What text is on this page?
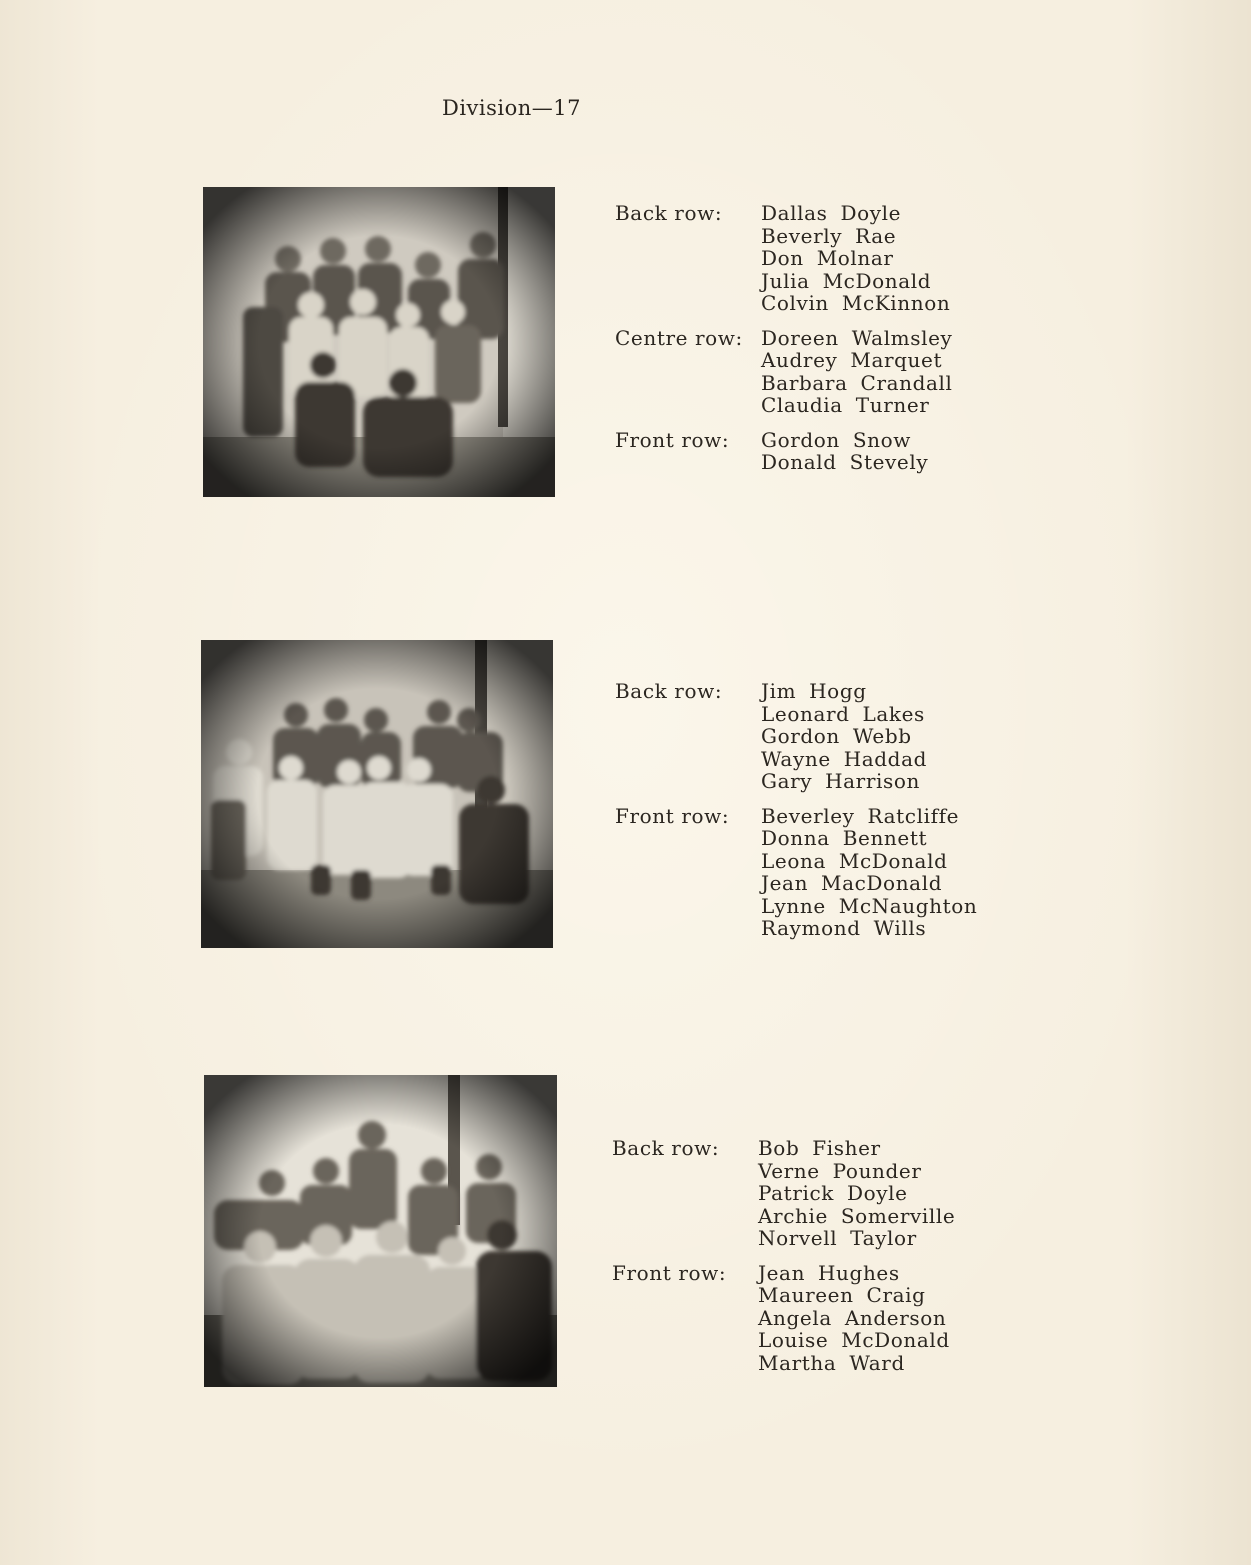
Division—17
Back row: Dallas Doyle
Beverly Rae
Don Molnar
Julia McDonald
Colvin McKinnon
Centre row: Doreen Walmsley
Audrey Marquet
Barbara Crandall
Claudia Turner
Front row: Gordon Snow
Donald Stevely
Back row: Jim Hogg
Leonard Lakes
Gordon Webb
Wayne Haddad
Gary Harrison
Front row: Beverley Ratcliffe
Donna Bennett
Leona McDonald
Jean MacDonald
Lynne McNaughton
Raymond Wills
Back row: Bob Fisher
Verne Pounder
Patrick Doyle
Archie Somerville
Norvell Taylor
Front row: Jean Hughes
Maureen Craig
Angela Anderson
Louise McDonald
Martha Ward
